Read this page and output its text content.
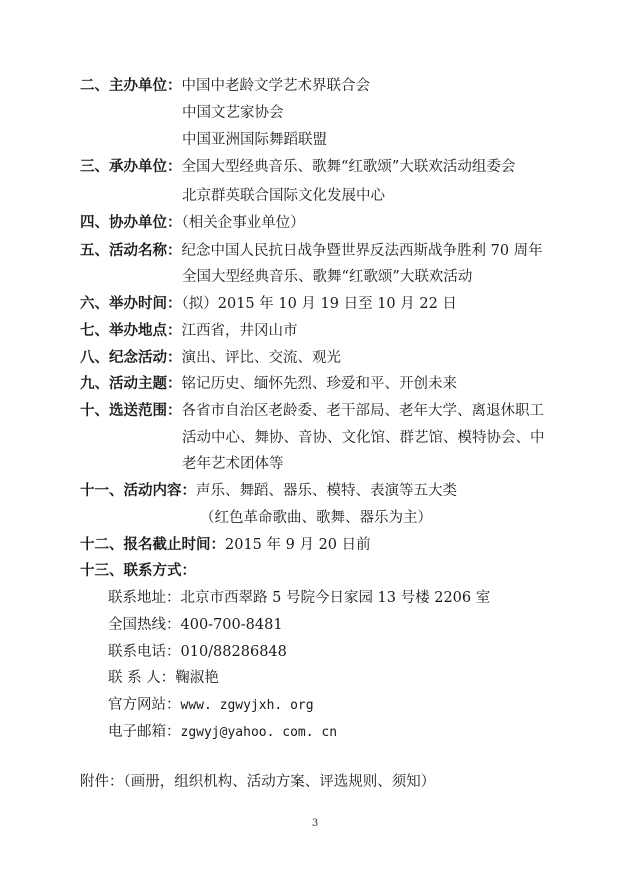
二、主办单位：中国中老龄文学艺术界联合会
中国文艺家协会
中国亚洲国际舞蹈联盟
三、承办单位：全国大型经典音乐、歌舞“红歌颂”大联欢活动组委会
北京群英联合国际文化发展中心
四、协办单位：（相关企事业单位）
五、活动名称：纪念中国人民抗日战争暨世界反法西斯战争胜利 70 周年
全国大型经典音乐、歌舞“红歌颂”大联欢活动
六、举办时间：（拟）2015 年 10 月 19 日至 10 月 22 日
七、举办地点：江西省，井冈山市
八、纪念活动：演出、评比、交流、观光
九、活动主题：铭记历史、缅怀先烈、珍爱和平、开创未来
十、选送范围：各省市自治区老龄委、老干部局、老年大学、离退休职工
活动中心、舞协、音协、文化馆、群艺馆、模特协会、中
老年艺术团体等
十一、活动内容：声乐、舞蹈、器乐、模特、表演等五大类
（红色革命歌曲、歌舞、器乐为主）
十二、报名截止时间：2015 年 9 月 20 日前
十三、联系方式：
联系地址：北京市西翠路 5 号院今日家园 13 号楼 2206 室
全国热线：400-700-8481
联系电话：010/88286848
联 系 人：鞠淑艳
官方网站：www. zgwyjxh. org
电子邮箱：zgwyj@yahoo. com. cn
附件：（画册，组织机构、活动方案、评选规则、须知）
3
